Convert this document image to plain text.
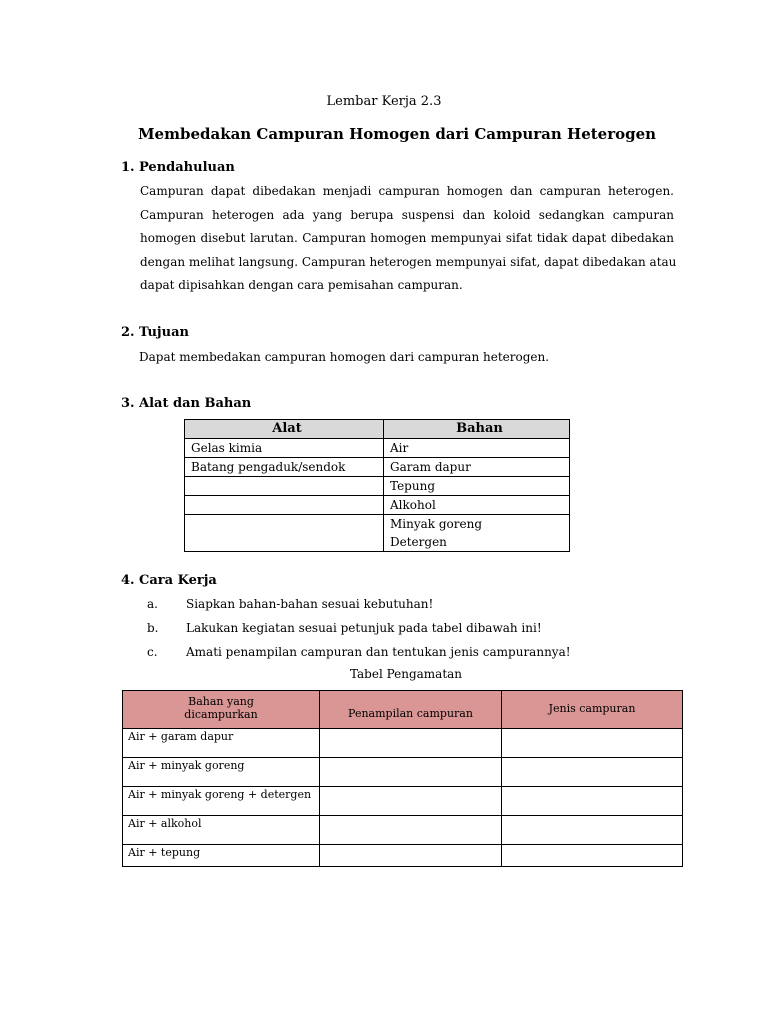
Lembar Kerja 2.3
Membedakan Campuran Homogen dari Campuran Heterogen
1. Pendahuluan
Campuran dapat dibedakan menjadi campuran homogen dan campuran heterogen.
Campuran heterogen ada yang berupa suspensi dan koloid sedangkan campuran
homogen disebut larutan. Campuran homogen mempunyai sifat tidak dapat dibedakan
dengan melihat langsung. Campuran heterogen mempunyai sifat, dapat dibedakan atau
dapat dipisahkan dengan cara pemisahan campuran.
2. Tujuan
Dapat membedakan campuran homogen dari campuran heterogen.
3. Alat dan Bahan
Alat	Bahan
Gelas kimia	Air
Batang pengaduk/sendok	Garam dapur
	Tepung
	Alkohol

	Minyak goreng
Detergen
4. Cara Kerja
a. Siapkan bahan-bahan sesuai kebutuhan!
b. Lakukan kegiatan sesuai petunjuk pada tabel dibawah ini!
c. Amati penampilan campuran dan tentukan jenis campurannya!
Tabel Pengamatan
Bahan yang
dicampurkan	Penampilan campuran	Jenis campuran

Air + garam dapur		
Air + minyak goreng		
Air + minyak goreng + detergen		
Air + alkohol		
Air + tepung		
